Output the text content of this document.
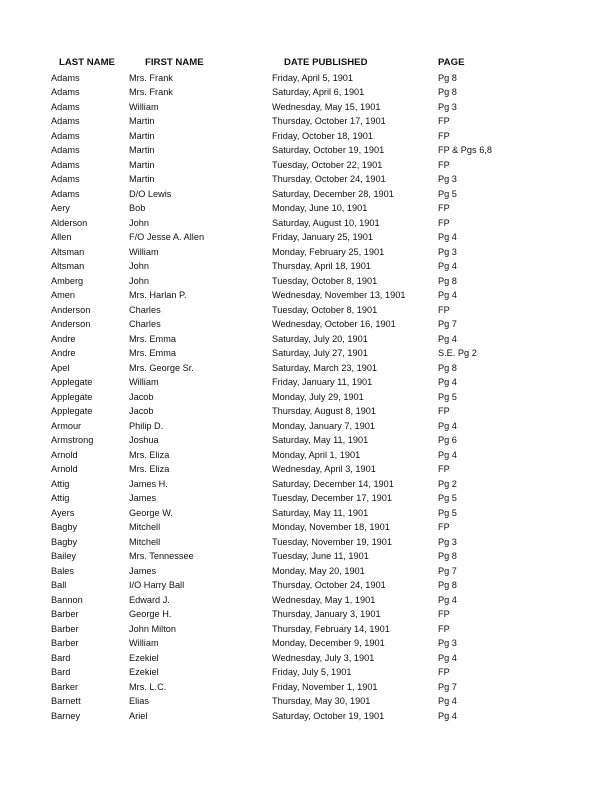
LAST NAME	FIRST NAME	DATE PUBLISHED	PAGE
Adams	Mrs. Frank	Friday, April 5, 1901	Pg 8
Adams	Mrs. Frank	Saturday, April 6, 1901	Pg 8
Adams	William	Wednesday, May 15, 1901	Pg 3
Adams	Martin	Thursday, October 17, 1901	FP
Adams	Martin	Friday, October 18, 1901	FP
Adams	Martin	Saturday, October 19, 1901	FP & Pgs 6,8
Adams	Martin	Tuesday, October 22, 1901	FP
Adams	Martin	Thursday, October 24, 1901	Pg 3
Adams	D/O Lewis	Saturday, December 28, 1901	Pg 5
Aery	Bob	Monday, June 10, 1901	FP
Alderson	John	Saturday, August 10, 1901	FP
Allen	F/O Jesse A. Allen	Friday, January 25, 1901	Pg 4
Altsman	William	Monday, February 25, 1901	Pg 3
Altsman	John	Thursday, April 18, 1901	Pg 4
Amberg	John	Tuesday, October 8, 1901	Pg 8
Amen	Mrs. Harlan P.	Wednesday, November 13, 1901	Pg 4
Anderson	Charles	Tuesday, October 8, 1901	FP
Anderson	Charles	Wednesday, October 16, 1901	Pg 7
Andre	Mrs. Emma	Saturday, July 20, 1901	Pg 4
Andre	Mrs. Emma	Saturday, July 27, 1901	S.E. Pg 2
Apel	Mrs. George Sr.	Saturday, March 23, 1901	Pg 8
Applegate	William	Friday, January 11, 1901	Pg 4
Applegate	Jacob	Monday, July 29, 1901	Pg 5
Applegate	Jacob	Thursday, August 8, 1901	FP
Armour	Philip D.	Monday, January 7, 1901	Pg 4
Armstrong	Joshua	Saturday, May 11, 1901	Pg 6
Arnold	Mrs. Eliza	Monday, April 1, 1901	Pg 4
Arnold	Mrs. Eliza	Wednesday, April 3, 1901	FP
Attig	James H.	Saturday, December 14, 1901	Pg 2
Attig	James	Tuesday, December 17, 1901	Pg 5
Ayers	George W.	Saturday, May 11, 1901	Pg 5
Bagby	Mitchell	Monday, November 18, 1901	FP
Bagby	Mitchell	Tuesday, November 19, 1901	Pg 3
Bailey	Mrs. Tennessee	Tuesday, June 11, 1901	Pg 8
Bales	James	Monday, May 20, 1901	Pg 7
Ball	I/O Harry Ball	Thursday, October 24, 1901	Pg 8
Bannon	Edward J.	Wednesday, May 1, 1901	Pg 4
Barber	George H.	Thursday, January 3, 1901	FP
Barber	John Milton	Thursday, February 14, 1901	FP
Barber	William	Monday, December 9, 1901	Pg 3
Bard	Ezekiel	Wednesday, July 3, 1901	Pg 4
Bard	Ezekiel	Friday, July 5, 1901	FP
Barker	Mrs. L.C.	Friday, November 1, 1901	Pg 7
Barnett	Elias	Thursday, May 30, 1901	Pg 4
Barney	Ariel	Saturday, October 19, 1901	Pg 4
